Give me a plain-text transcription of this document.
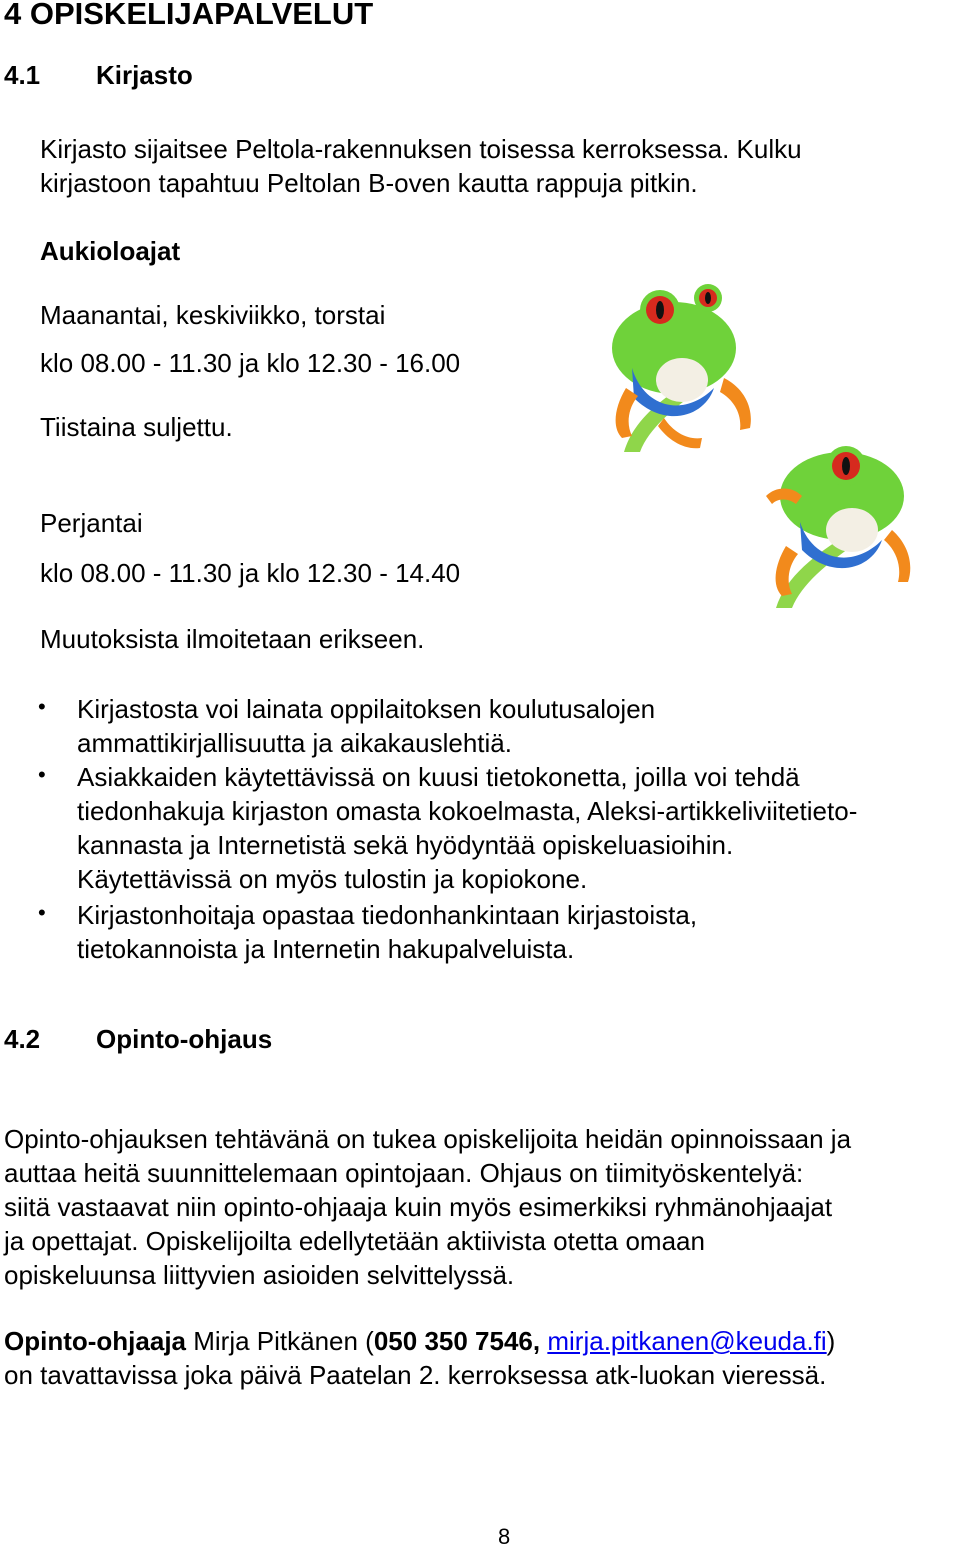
4 OPISKELIJAPALVELUT
4.1 Kirjasto
Kirjasto sijaitsee Peltola-rakennuksen toisessa kerroksessa. Kulku
kirjastoon tapahtuu Peltolan B-oven kautta rappuja pitkin.
Aukioloajat
Maanantai, keskiviikko, torstai
klo 08.00 - 11.30 ja klo 12.30 - 16.00
Tiistaina suljettu.
Perjantai
klo 08.00 - 11.30 ja klo 12.30 - 14.40
Muutoksista ilmoitetaan erikseen.
• Kirjastosta voi lainata oppilaitoksen koulutusalojen
ammattikirjallisuutta ja aikakauslehtiä.
• Asiakkaiden käytettävissä on kuusi tietokonetta, joilla voi tehdä
tiedonhakuja kirjaston omasta kokoelmasta, Aleksi-artikkeliviitetieto-
kannasta ja Internetistä sekä hyödyntää opiskeluasioihin.
Käytettävissä on myös tulostin ja kopiokone.
• Kirjastonhoitaja opastaa tiedonhankintaan kirjastoista,
tietokannoista ja Internetin hakupalveluista.
4.2 Opinto-ohjaus
Opinto-ohjauksen tehtävänä on tukea opiskelijoita heidän opinnoissaan ja
auttaa heitä suunnittelemaan opintojaan. Ohjaus on tiimityöskentelyä:
siitä vastaavat niin opinto-ohjaaja kuin myös esimerkiksi ryhmänohjaajat
ja opettajat. Opiskelijoilta edellytetään aktiivista otetta omaan
opiskeluunsa liittyvien asioiden selvittelyssä.
Opinto-ohjaaja Mirja Pitkänen (050 350 7546, mirja.pitkanen@keuda.fi)
on tavattavissa joka päivä Paatelan 2. kerroksessa atk-luokan vieressä.
8
